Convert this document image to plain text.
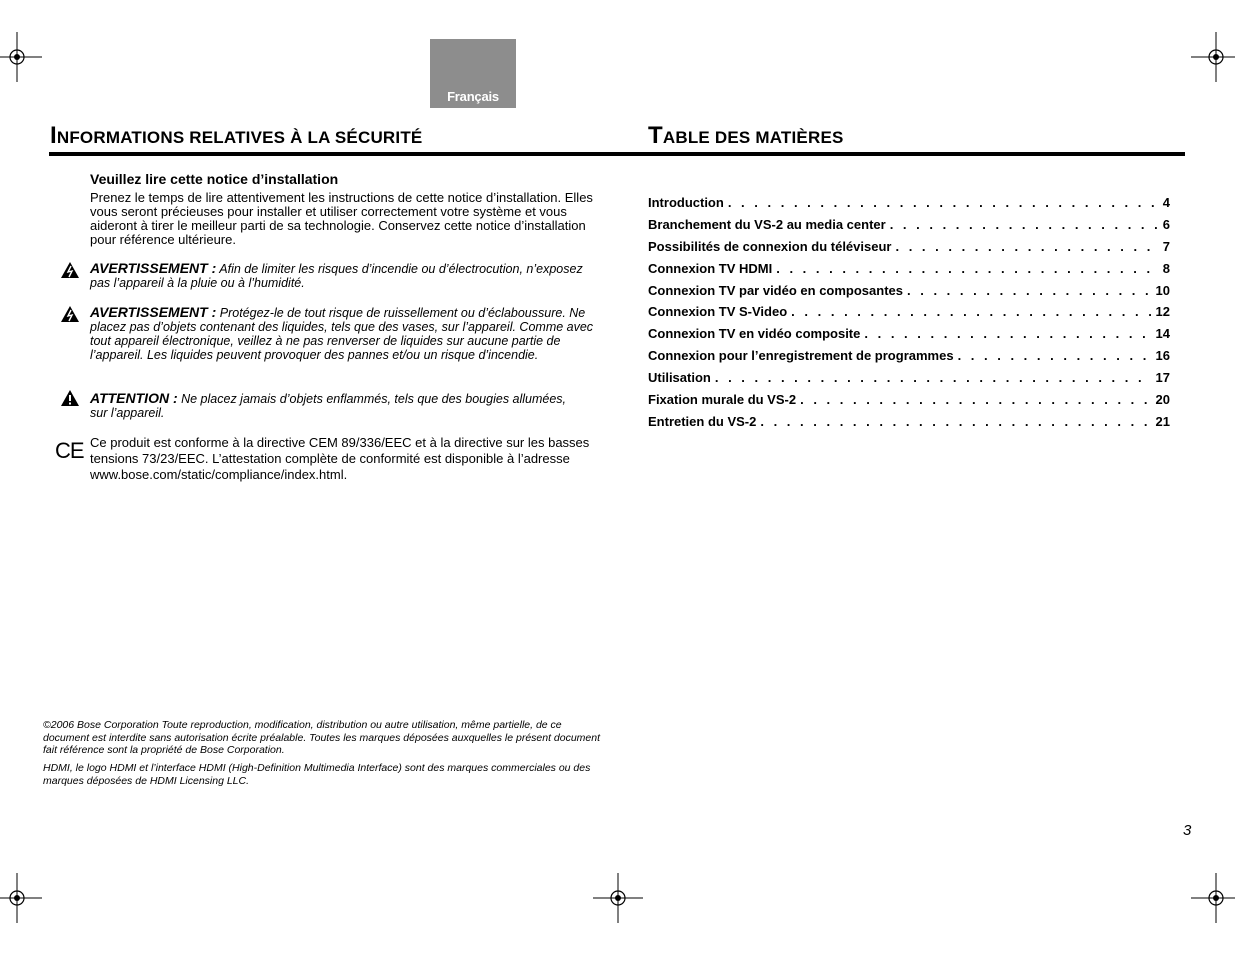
Français
INFORMATIONS RELATIVES À LA SÉCURITÉ	TABLE DES MATIÈRES
Veuillez lire cette notice d’installation
Prenez le temps de lire attentivement les instructions de cette notice d’installation. Elles vous seront précieuses pour installer et utiliser correctement votre système et vous aideront à tirer le meilleur parti de sa technologie. Conservez cette notice d’installation pour référence ultérieure.
AVERTISSEMENT : Afin de limiter les risques d’incendie ou d’électrocution, n’exposez pas l’appareil à la pluie ou à l’humidité.
AVERTISSEMENT : Protégez-le de tout risque de ruissellement ou d’éclaboussure. Ne placez pas d’objets contenant des liquides, tels que des vases, sur l’appareil. Comme avec tout appareil électronique, veillez à ne pas renverser de liquides sur aucune partie de l’appareil. Les liquides peuvent provoquer des pannes et/ou un risque d’incendie.
ATTENTION : Ne placez jamais d’objets enflammés, tels que des bougies allumées, sur l’appareil.
CE Ce produit est conforme à la directive CEM 89/336/EEC et à la directive sur les basses tensions 73/23/EEC. L’attestation complète de conformité est disponible à l’adresse www.bose.com/static/compliance/index.html.
Introduction . . .	4
Branchement du VS-2 au media center . . .	6
Possibilités de connexion du téléviseur . . .	7
Connexion TV HDMI . . .	8
Connexion TV par vidéo en composantes . . .	10
Connexion TV S-Video . . .	12
Connexion TV en vidéo composite . . .	14
Connexion pour l’enregistrement de programmes . . .	16
Utilisation . . .	17
Fixation murale du VS-2 . . .	20
Entretien du VS-2 . . .	21
©2006 Bose Corporation Toute reproduction, modification, distribution ou autre utilisation, même partielle, de ce document est interdite sans autorisation écrite préalable. Toutes les marques déposées auxquelles le présent document fait référence sont la propriété de Bose Corporation.
HDMI, le logo HDMI et l’interface HDMI (High-Definition Multimedia Interface) sont des marques commerciales ou des marques déposées de HDMI Licensing LLC.
3
